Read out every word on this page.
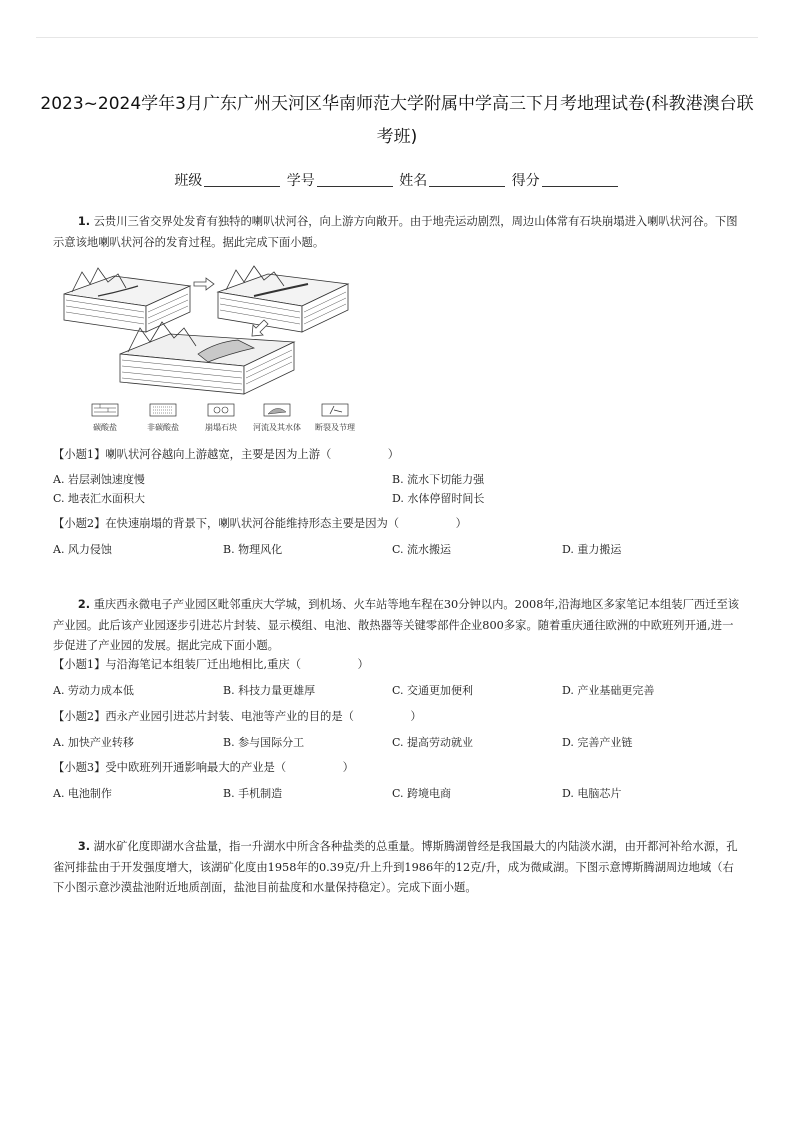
2023~2024学年3月广东广州天河区华南师范大学附属中学高三下月考地理试卷(科教港澳台联考班)
班级	学号	姓名	得分

1. 云贵川三省交界处发育有独特的喇叭状河谷，向上游方向敞开。由于地壳运动剧烈，周边山体常有石块崩塌进入喇叭状河谷。下图示意该地喇叭状河谷的发育过程。据此完成下面小题。

碳酸盐	非碳酸盐	崩塌石块 河流及其水体 断裂及节理
【小题1】喇叭状河谷越向上游越宽，主要是因为上游（　　　　　）
A. 岩层剥蚀速度慢	B. 流水下切能力强
C. 地表汇水面积大	D. 水体停留时间长
【小题2】在快速崩塌的背景下，喇叭状河谷能维持形态主要是因为（　　　　　）
A. 风力侵蚀	B. 物理风化	C. 流水搬运	D. 重力搬运

2. 重庆西永微电子产业园区毗邻重庆大学城，到机场、火车站等地车程在30分钟以内。2008年,沿海地区多家笔记本组装厂西迁至该产业园。此后该产业园逐步引进芯片封装、显示模组、电池、散热器等关键零部件企业800多家。随着重庆通往欧洲的中欧班列开通,进一步促进了产业园的发展。据此完成下面小题。

【小题1】与沿海笔记本组装厂迁出地相比,重庆（　　　　　）
A. 劳动力成本低	B. 科技力量更雄厚	C. 交通更加便利	D. 产业基础更完善
【小题2】西永产业园引进芯片封装、电池等产业的目的是（　　　　　）
A. 加快产业转移	B. 参与国际分工	C. 提高劳动就业	D. 完善产业链
【小题3】受中欧班列开通影响最大的产业是（　　　　　）
A. 电池制作	B. 手机制造	C. 跨境电商	D. 电脑芯片

3. 湖水矿化度即湖水含盐量，指一升湖水中所含各种盐类的总重量。博斯腾湖曾经是我国最大的内陆淡水湖，由开都河补给水源，孔雀河排盐由于开发强度增大，该湖矿化度由1958年的0.39克/升上升到1986年的12克/升，成为微咸湖。下图示意博斯腾湖周边地域（右下小图示意沙漠盐池附近地质剖面，盐池目前盐度和水量保持稳定）。完成下面小题。
